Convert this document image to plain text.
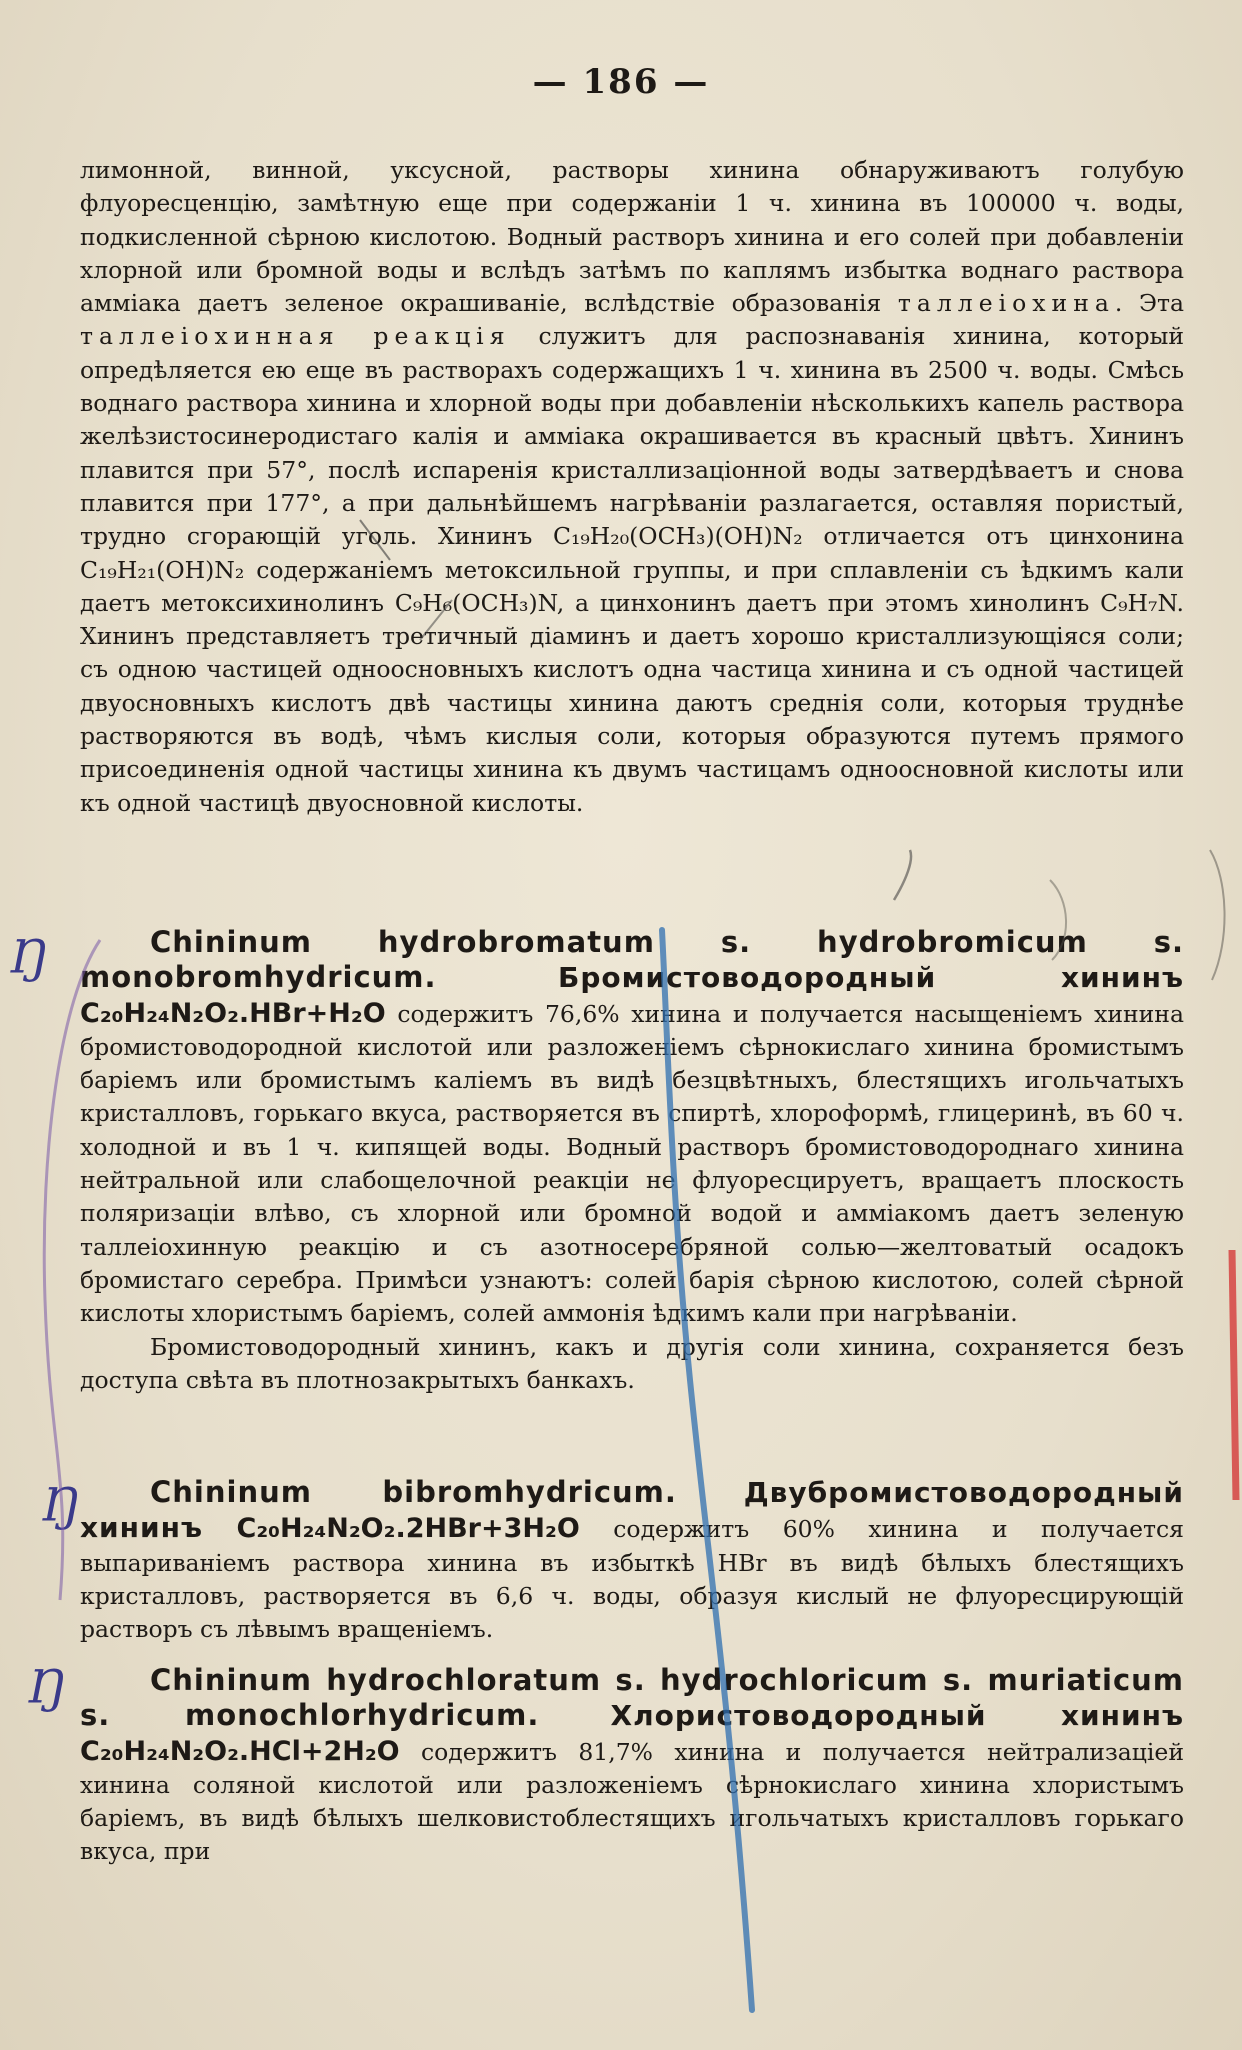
— 186 —

лимонной, винной, уксусной, растворы хинина обнаруживаютъ голубую флуоресценцію, замѣтную еще при содержаніи 1 ч. хинина въ 100000 ч. воды, подкисленной сѣрною кислотою. Водный растворъ хинина и его солей при добавленіи хлорной или бромной воды и вслѣдъ затѣмъ по каплямъ избытка воднаго раствора аммiака даетъ зеленое окрашиваніе, вслѣдствіе образованія таллеіохина. Эта таллеіохинная реакція служитъ для распознаванія хинина, который опредѣляется ею еще въ растворахъ содержащихъ 1 ч. хинина въ 2500 ч. воды. Смѣсь воднаго раствора хинина и хлорной воды при добавленіи нѣсколькихъ капель раствора желѣзистосинеродистаго калія и амміака окрашивается въ красный цвѣтъ. Хининъ плавится при 57°, послѣ испаренія кристаллизаціонной воды затвердѣваетъ и снова плавится при 177°, а при дальнѣйшемъ нагрѣваніи разлагается, оставляя пористый, трудно сгорающій уголь. Хининъ C₁₉H₂₀(OCH₃)(OH)N₂ отличается отъ цинхонина C₁₉H₂₁(OH)N₂ содержаніемъ метоксильной группы, и при сплавленіи съ ѣдкимъ кали даетъ метоксихинолинъ C₉H₆(OCH₃)N, а цинхонинъ даетъ при этомъ хинолинъ C₉H₇N. Хининъ представляетъ третичный діаминъ и даетъ хорошо кристаллизующіяся соли; съ одною частицей одноосновныхъ кислотъ одна частица хинина и съ одной частицей двуосновныхъ кислотъ двѣ частицы хинина даютъ среднія соли, которыя труднѣе растворяются въ водѣ, чѣмъ кислыя соли, которыя образуются путемъ прямого присоединенія одной частицы хинина къ двумъ частицамъ одноосновной кислоты или къ одной частицѣ двуосновной кислоты.

Chininum hydrobromatum s. hydrobromicum s. monobromhydricum.	Бромистоводородный хининъ C₂₀H₂₄N₂O₂.HBr+H₂O содержитъ 76,6% хинина и получается насыщеніемъ хинина бромистоводородной кислотой или разложеніемъ сѣрнокислаго хинина бромистымъ баріемъ или бромистымъ каліемъ въ видѣ безцвѣтныхъ, блестящихъ игольчатыхъ кристалловъ, горькаго вкуса, растворяется въ спиртѣ, хлороформѣ, глицеринѣ, въ 60 ч. холодной и въ 1 ч. кипящей воды. Водный растворъ бромистоводороднаго хинина нейтральной или слабощелочной реакціи не флуоресцируетъ, вращаетъ плоскость поляризаціи влѣво, съ хлорной или бромной водой и амміакомъ даетъ зеленую таллеіохинную реакцію и съ азотносеребряной солью—желтоватый осадокъ бромистаго серебра. Примѣси узнаютъ: солей барія сѣрною кислотою, солей сѣрной кислоты хлористымъ баріемъ, солей аммонія ѣдкимъ кали при нагрѣваніи.

Бромистоводородный хининъ, какъ и другія соли хинина, сохраняется безъ доступа свѣта въ плотнозакрытыхъ банкахъ.

Chininum bibromhydricum. Двубромистоводородный хининъ C₂₀H₂₄N₂O₂.2HBr+3H₂O содержитъ 60% хинина и получается выпариваніемъ раствора хинина въ избыткѣ HBr въ видѣ бѣлыхъ блестящихъ кристалловъ, растворяется въ 6,6 ч. воды, образуя кислый не флуоресцирующій растворъ съ лѣвымъ вращеніемъ.

Chininum hydrochloratum s. hydrochloricum s. muriaticum s. monochlorhydricum.	Хлористоводородный хининъ C₂₀H₂₄N₂O₂.HCl+2H₂O содержитъ 81,7% хинина и получается нейтрализаціей хинина соляной кислотой или разложеніемъ сѣрнокислаго хинина хлористымъ баріемъ, въ видѣ бѣлыхъ шелковистоблестящихъ игольчатыхъ кристалловъ горькаго вкуса, при

Ŋ
Ŋ
Ŋ
